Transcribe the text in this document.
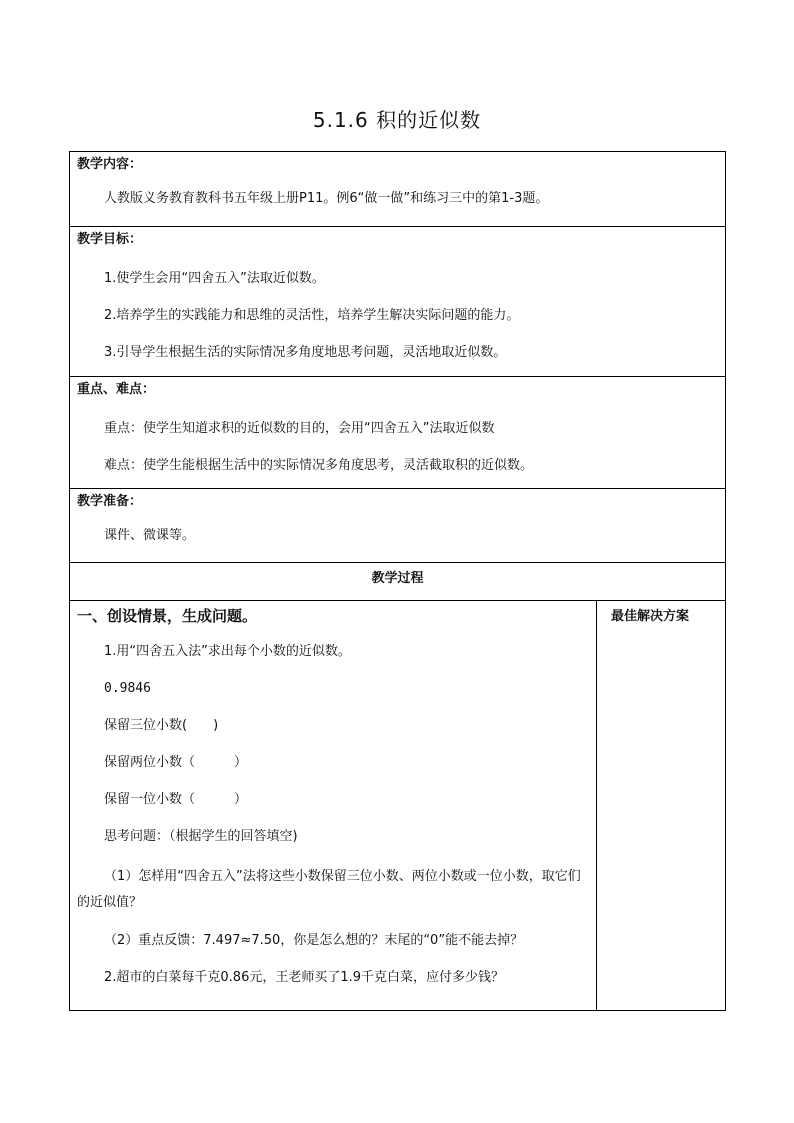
5.1.6 积的近似数
教学内容：
人教版义务教育教科书五年级上册P11。例6“做一做”和练习三中的第1-3题。

教学目标：
1.使学生会用“四舍五入”法取近似数。
2.培养学生的实践能力和思维的灵活性，培养学生解决实际问题的能力。
3.引导学生根据生活的实际情况多角度地思考问题，灵活地取近似数。

重点、难点：
重点：使学生知道求积的近似数的目的，会用“四舍五入”法取近似数
难点：使学生能根据生活中的实际情况多角度思考，灵活截取积的近似数。

教学准备：
课件、微课等。

教学过程

一、创设情景，生成问题。
1.用“四舍五入法”求出每个小数的近似数。
0.9846
保留三位小数(　　)
保留两位小数（　　　）
保留一位小数（　　　）
思考问题：（根据学生的回答填空)
（1）怎样用“四舍五入”法将这些小数保留三位小数、两位小数或一位小数，取它们的近似值？
（2）重点反馈：7.497≈7.50，你是怎么想的？末尾的“0”能不能去掉？
2.超市的白菜每千克0.86元，王老师买了1.9千克白菜，应付多少钱？

最佳解决方案
